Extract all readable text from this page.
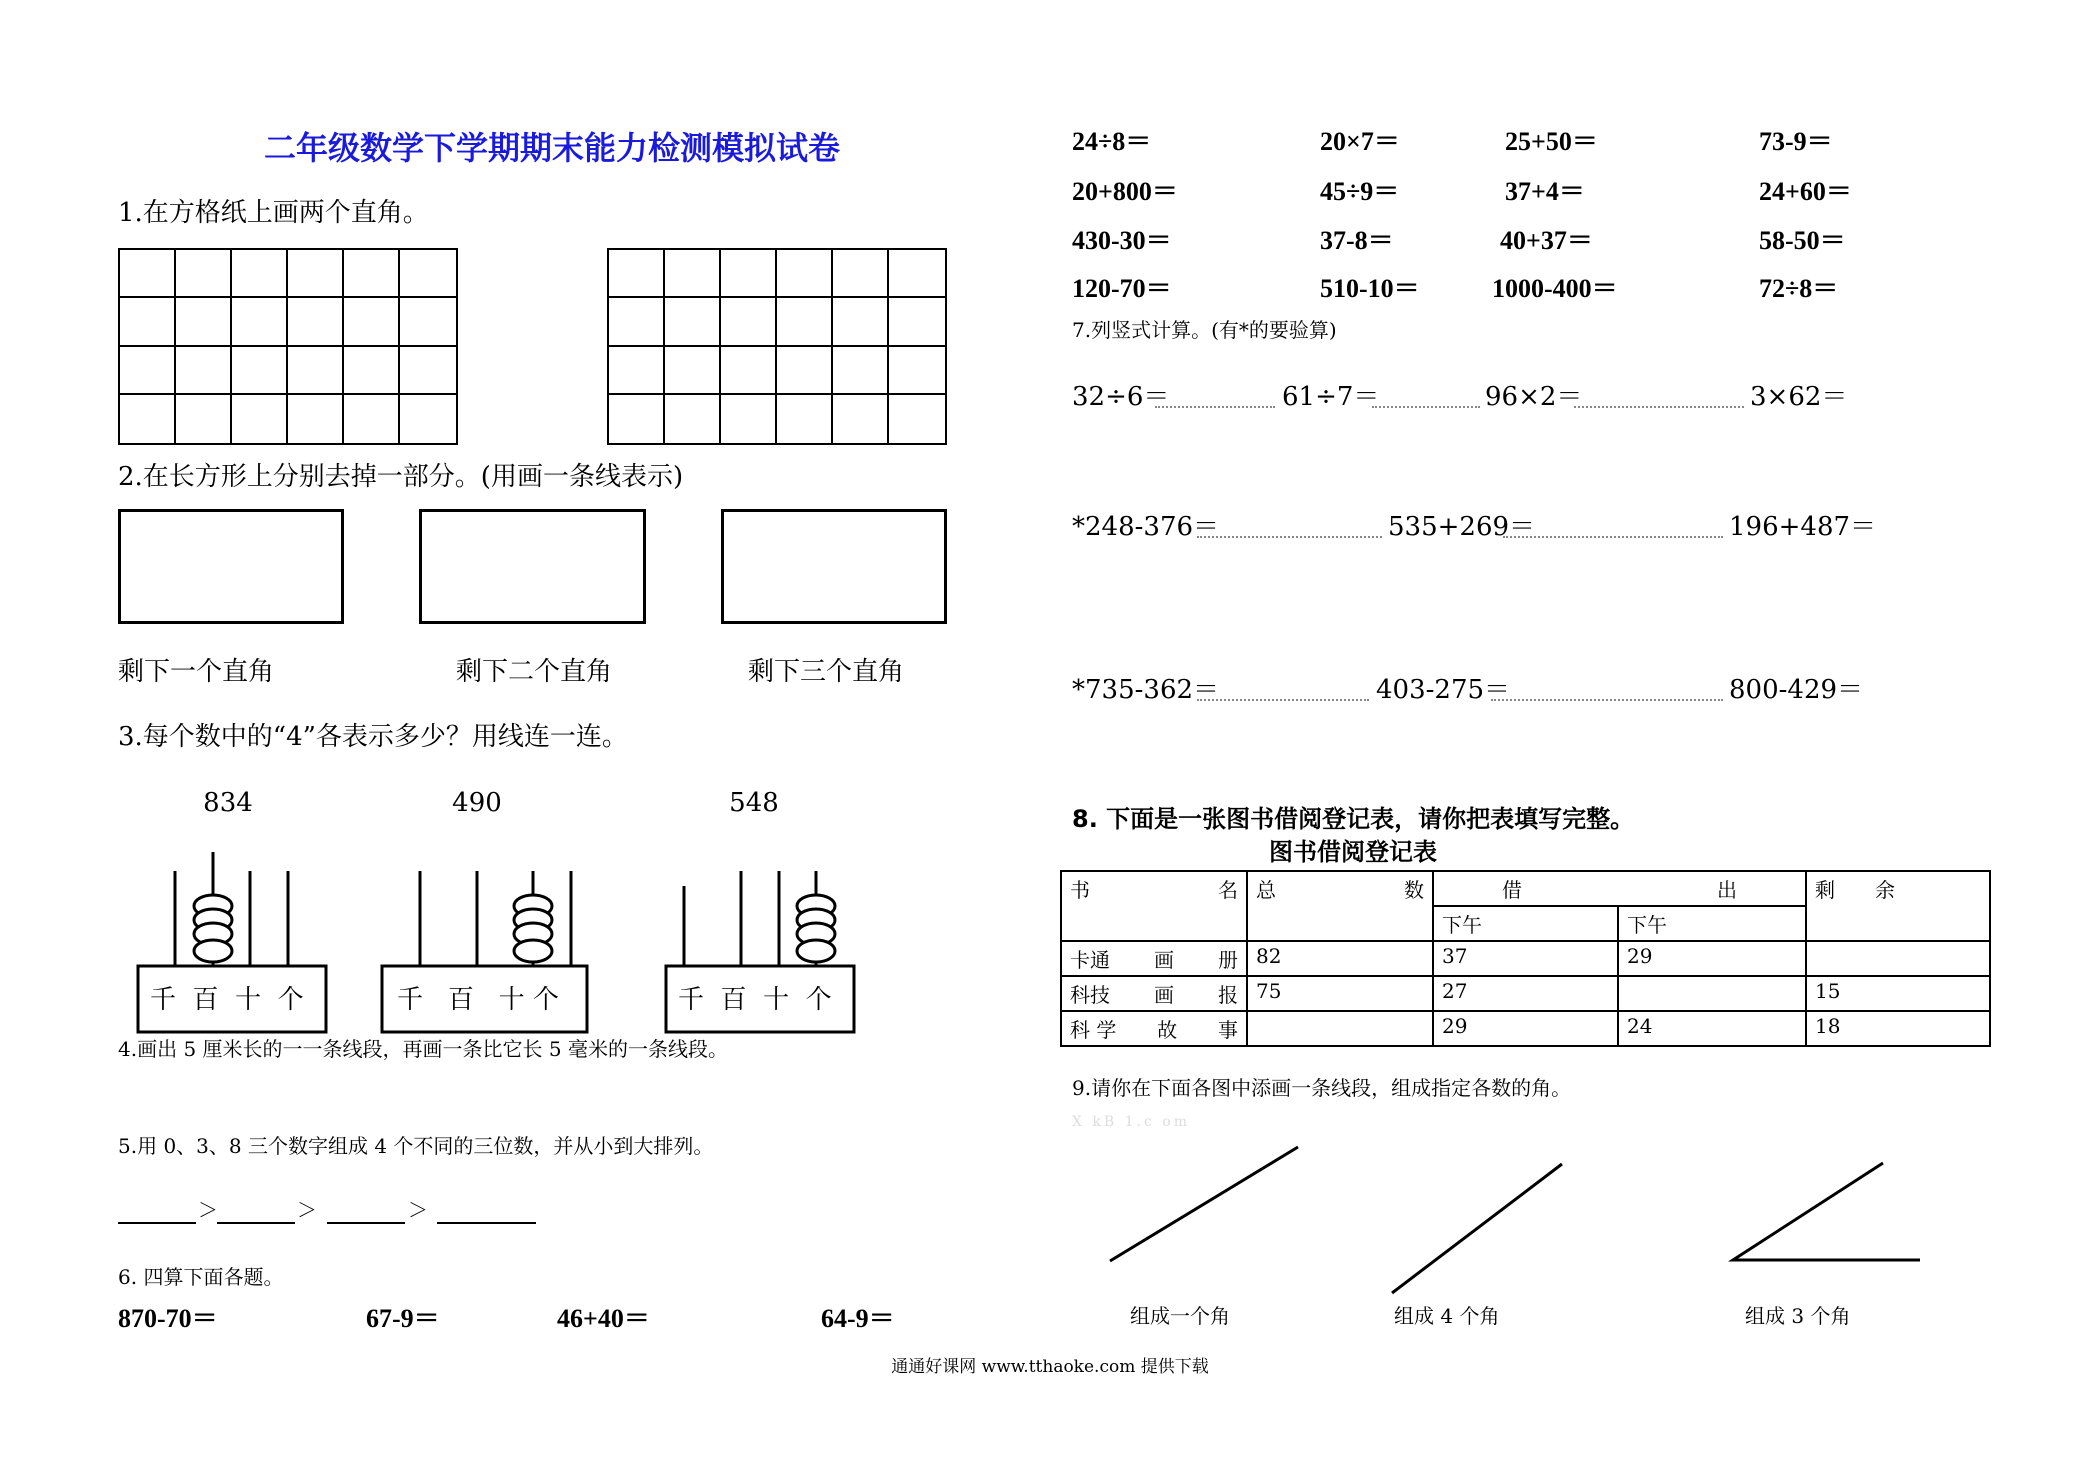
二年级数学下学期期末能力检测模拟试卷
1.在方格纸上画两个直角。
2.在长方形上分别去掉一部分。(用画一条线表示)
剩下一个直角	剩下二个直角	剩下三个直角
3.每个数中的“4”各表示多少？用线连一连。
834	490	548
千 百 十 个	千 百 十 个	千 百 十 个
4.画出 5 厘米长的一一条线段，再画一条比它长 5 毫米的一条线段。
5.用 0、3、8 三个数字组成 4 个不同的三位数，并从小到大排列。
＞	＞	＞
6. 四算下面各题。
870-70＝	67-9＝	46+40＝	64-9＝
通通好课网 www.tthaoke.com 提供下载
24÷8＝	20×7＝	25+50＝	73-9＝
20+800＝	45÷9＝	37+4＝	24+60＝
430-30＝	37-8＝	40+37＝	58-50＝
120-70＝	510-10＝	1000-400＝	72÷8＝
7.列竖式计算。(有*的要验算)
32÷6＝	61÷7＝	96×2＝	3×62＝
*248-376＝	535+269＝	196+487＝
*735-362＝	403-275＝	800-429＝
8. 下面是一张图书借阅登记表，请你把表填写完整。
图书借阅登记表
书 名	总 数	借 出		剩 余

		下午	下午	

卡通 画 册	82	37	29	

科技 画 报	75	27		15

科 学 故 事		29	24	18
9.请你在下面各图中添画一条线段，组成指定各数的角。
X kB 1.c om
组成一个角	组成 4 个角	组成 3 个角
